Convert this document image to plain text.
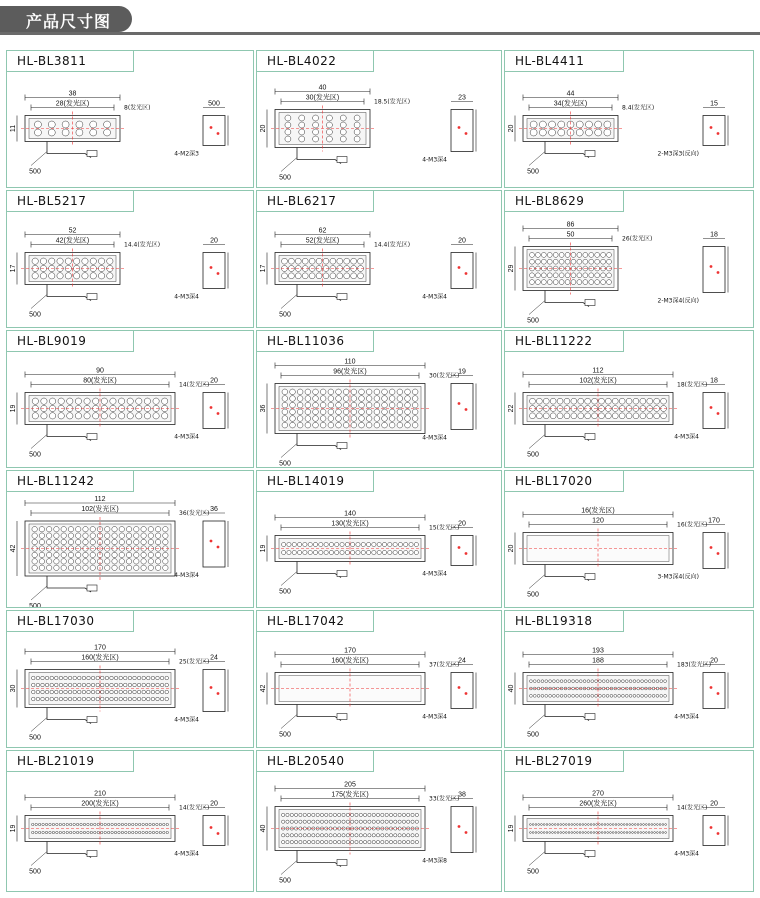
产品尺寸图
HL-BL3811
38
28(发光区)
11
8(发光区)
500
500
4-M2深3
HL-BL4022
40
30(发光区)
20
18.5(发光区)
500
23
4-M3深4
HL-BL4411
44
34(发光区)
20
8.4(发光区)
500
15
2-M3深3(反向)
HL-BL5217
52
42(发光区)
17
14.4(发光区)
500
20
4-M3深4
HL-BL6217
62
52(发光区)
17
14.4(发光区)
500
20
4-M3深4
HL-BL8629
86
50
29
26(发光区)
500
18
2-M3深4(反向)
HL-BL9019
90
80(发光区)
19
14(发光区)
500
20
4-M3深4
HL-BL11036
110
96(发光区)
36
30(发光区)
500
19
4-M3深4
HL-BL11222
112
102(发光区)
22
18(发光区)
500
18
4-M3深4
HL-BL11242
112
102(发光区)
42
36(发光区)
500
36
4-M3深4
HL-BL14019
140
130(发光区)
19
15(发光区)
500
20
4-M3深4
HL-BL17020
16(发光区)
120
20
16(发光区)
500
170
3-M3深4(反向)
HL-BL17030
170
160(发光区)
30
25(发光区)
500
24
4-M3深4
HL-BL17042
170
160(发光区)
42
37(发光区)
500
24
4-M3深4
HL-BL19318
193
188
40
183(发光区)
500
20
4-M3深4
HL-BL21019
210
200(发光区)
19
14(发光区)
500
20
4-M3深4
HL-BL20540
205
175(发光区)
40
33(发光区)
500
38
4-M3深8
HL-BL27019
270
260(发光区)
19
14(发光区)
500
20
4-M3深4
